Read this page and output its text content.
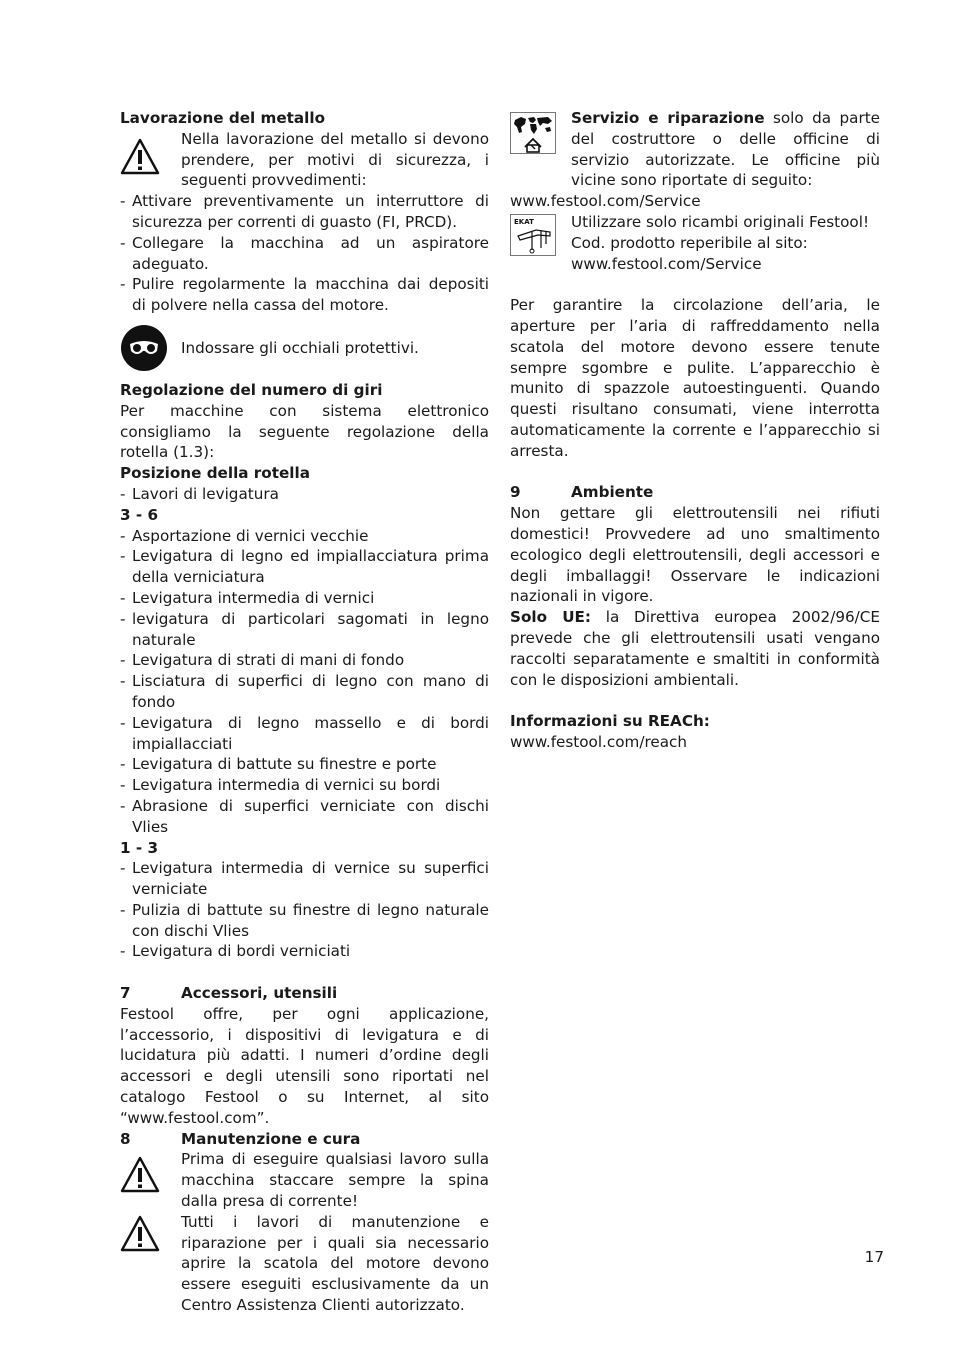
Lavorazione del metallo

Nella lavorazione del metallo si devono prendere, per motivi di sicurezza, i seguenti provvedimenti:

- Attivare preventivamente un interruttore di sicurezza per correnti di guasto (FI, PRCD).
- Collegare la macchina ad un aspiratore adeguato.
- Pulire regolarmente la macchina dai depositi di polvere nella cassa del motore.

Indossare gli occhiali protettivi.

Regolazione del numero di giri

Per macchine con sistema elettronico consigliamo la seguente regolazione della rotella (1.3):

Posizione della rotella

- Lavori di levigatura

3 - 6

- Asportazione di vernici vecchie
- Levigatura di legno ed impiallacciatura prima della verniciatura
- Levigatura intermedia di vernici
- levigatura di particolari sagomati in legno naturale
- Levigatura di strati di mani di fondo
- Lisciatura di superfici di legno con mano di fondo
- Levigatura di legno massello e di bordi impiallacciati
- Levigatura di battute su finestre e porte
- Levigatura intermedia di vernici su bordi
- Abrasione di superfici verniciate con dischi Vlies

1 - 3

- Levigatura intermedia di vernice su superfici verniciate
- Pulizia di battute su finestre di legno naturale con dischi Vlies
- Levigatura di bordi verniciati

7	Accessori, utensili

Festool offre, per ogni applicazione, l’accessorio, i dispositivi di levigatura e di lucidatura più adatti. I numeri d’ordine degli accessori e degli utensili sono riportati nel catalogo Festool o su Internet, al sito “www.festool.com”.

8	Manutenzione e cura

Prima di eseguire qualsiasi lavoro sulla macchina staccare sempre la spina dalla presa di corrente!

Tutti i lavori di manutenzione e riparazione per i quali sia necessario aprire la scatola del motore devono essere eseguiti esclusivamente da un Centro Assistenza Clienti autorizzato.

Servizio e riparazione solo da parte del costruttore o delle officine di servizio autorizzate. Le officine più vicine sono riportate di seguito:

www.festool.com/Service

EKAT Utilizzare solo ricambi originali Festool!

Cod. prodotto reperibile al sito:

www.festool.com/Service

Per garantire la circolazione dell’aria, le aperture per l’aria di raffreddamento nella scatola del motore devono essere tenute sempre sgombre e pulite. L’apparecchio è munito di spazzole autoestinguenti. Quando questi risultano consumati, viene interrotta automaticamente la corrente e l’apparecchio si arresta.

9	Ambiente

Non gettare gli elettroutensili nei rifiuti domestici! Provvedere ad uno smaltimento ecologico degli elettroutensili, degli accessori e degli imballaggi! Osservare le indicazioni nazionali in vigore.

Solo UE: la Direttiva europea 2002/96/CE prevede che gli elettroutensili usati vengano raccolti separatamente e smaltiti in conformità con le disposizioni ambientali.

Informazioni su REACh:

www.festool.com/reach

17
